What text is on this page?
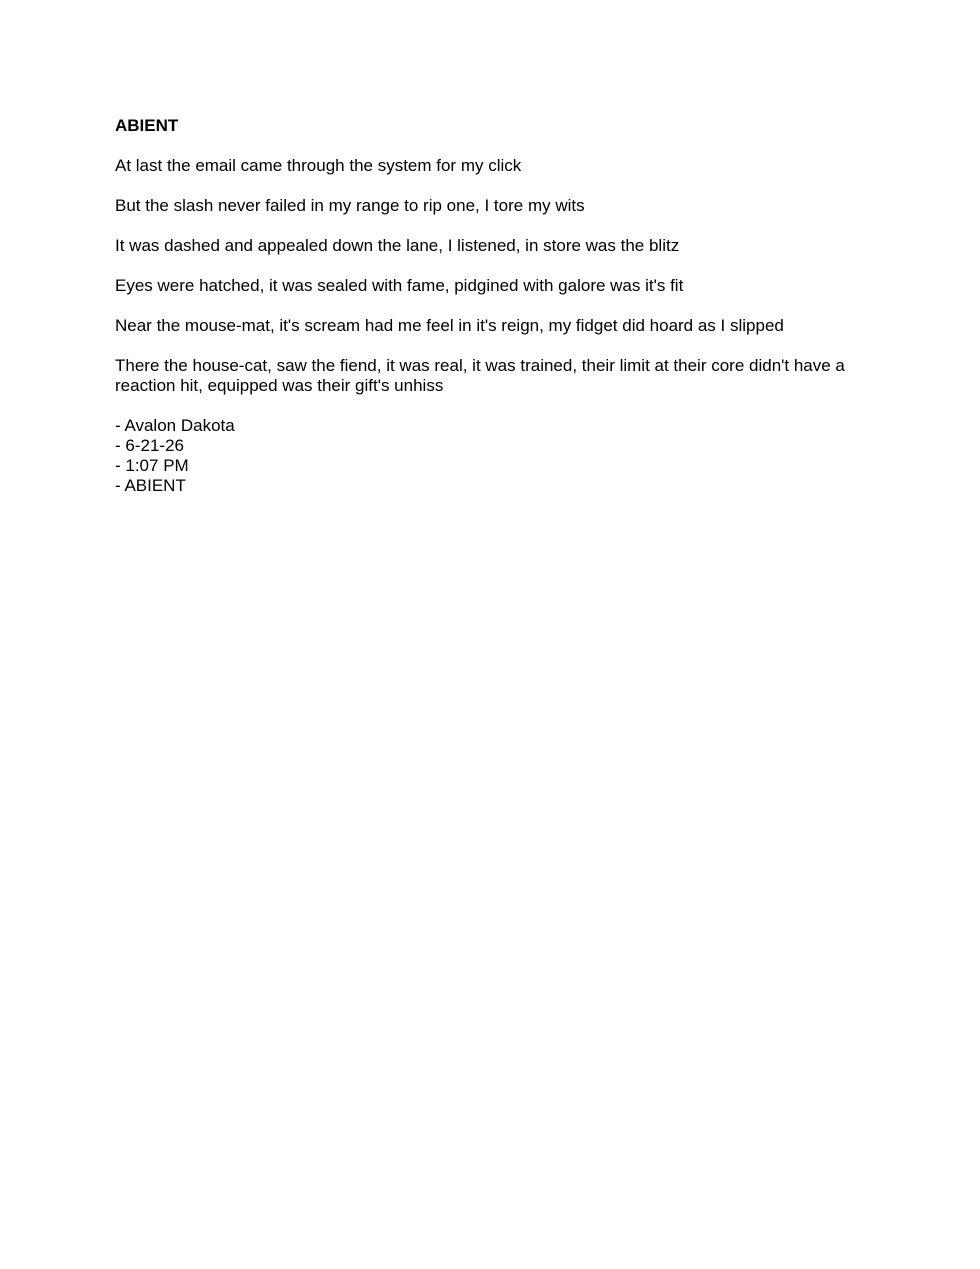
ABIENT

At last the email came through the system for my click

But the slash never failed in my range to rip one, I tore my wits

It was dashed and appealed down the lane, I listened, in store was the blitz

Eyes were hatched, it was sealed with fame, pidgined with galore was it's fit

Near the mouse-mat, it's scream had me feel in it's reign, my fidget did hoard as I slipped

There the house-cat, saw the fiend, it was real, it was trained, their limit at their core didn't have a reaction hit, equipped was their gift's unhiss

- Avalon Dakota

- 6-21-26

- 1:07 PM

- ABIENT
